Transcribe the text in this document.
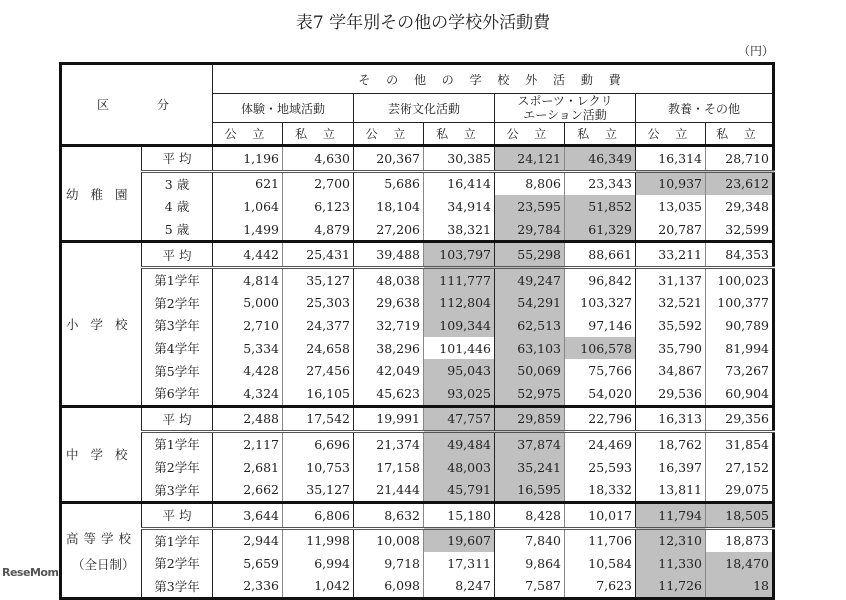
表7 学年別その他の学校外活動費
（円）
区　　分		そ の 他 の 学 校 外 活 動 費							
		体験・地域活動		芸術文化活動		スポーツ・レクリエーション活動		教養・その他	
		公 立	私 立	公 立	私 立	公 立	私 立	公 立	私 立

幼稚園	平 均	1,196	4,630	20,367	30,385	24,121	46,349	16,314	28,710
	3 歳	621	2,700	5,686	16,414	8,806	23,343	10,937	23,612
	4 歳	1,064	6,123	18,104	34,914	23,595	51,852	13,035	29,348
	5 歳	1,499	4,879	27,206	38,321	29,784	61,329	20,787	32,599

小学校	平 均	4,442	25,431	39,488	103,797	55,298	88,661	33,211	84,353
	第1学年	4,814	35,127	48,038	111,777	49,247	96,842	31,137	100,023
	第2学年	5,000	25,303	29,638	112,804	54,291	103,327	32,521	100,377
	第3学年	2,710	24,377	32,719	109,344	62,513	97,146	35,592	90,789
	第4学年	5,334	24,658	38,296	101,446	63,103	106,578	35,790	81,994
	第5学年	4,428	27,456	42,049	95,043	50,069	75,766	34,867	73,267
	第6学年	4,324	16,105	45,623	93,025	52,975	54,020	29,536	60,904

中学校	平 均	2,488	17,542	19,991	47,757	29,859	22,796	16,313	29,356
	第1学年	2,117	6,696	21,374	49,484	37,874	24,469	18,762	31,854
	第2学年	2,681	10,753	17,158	48,003	35,241	25,593	16,397	27,152
	第3学年	2,662	35,127	21,444	45,791	16,595	18,332	13,811	29,075

高等学校
（全日制）	平 均	3,644	6,806	8,632	15,180	8,428	10,017	11,794	18,505
	第1学年	2,944	11,998	10,008	19,607	7,840	11,706	12,310	18,873
	第2学年	5,659	6,994	9,718	17,311	9,864	10,584	11,330	18,470
	第3学年	2,336	1,042	6,098	8,247	7,587	7,623	11,726	18
ReseMom
